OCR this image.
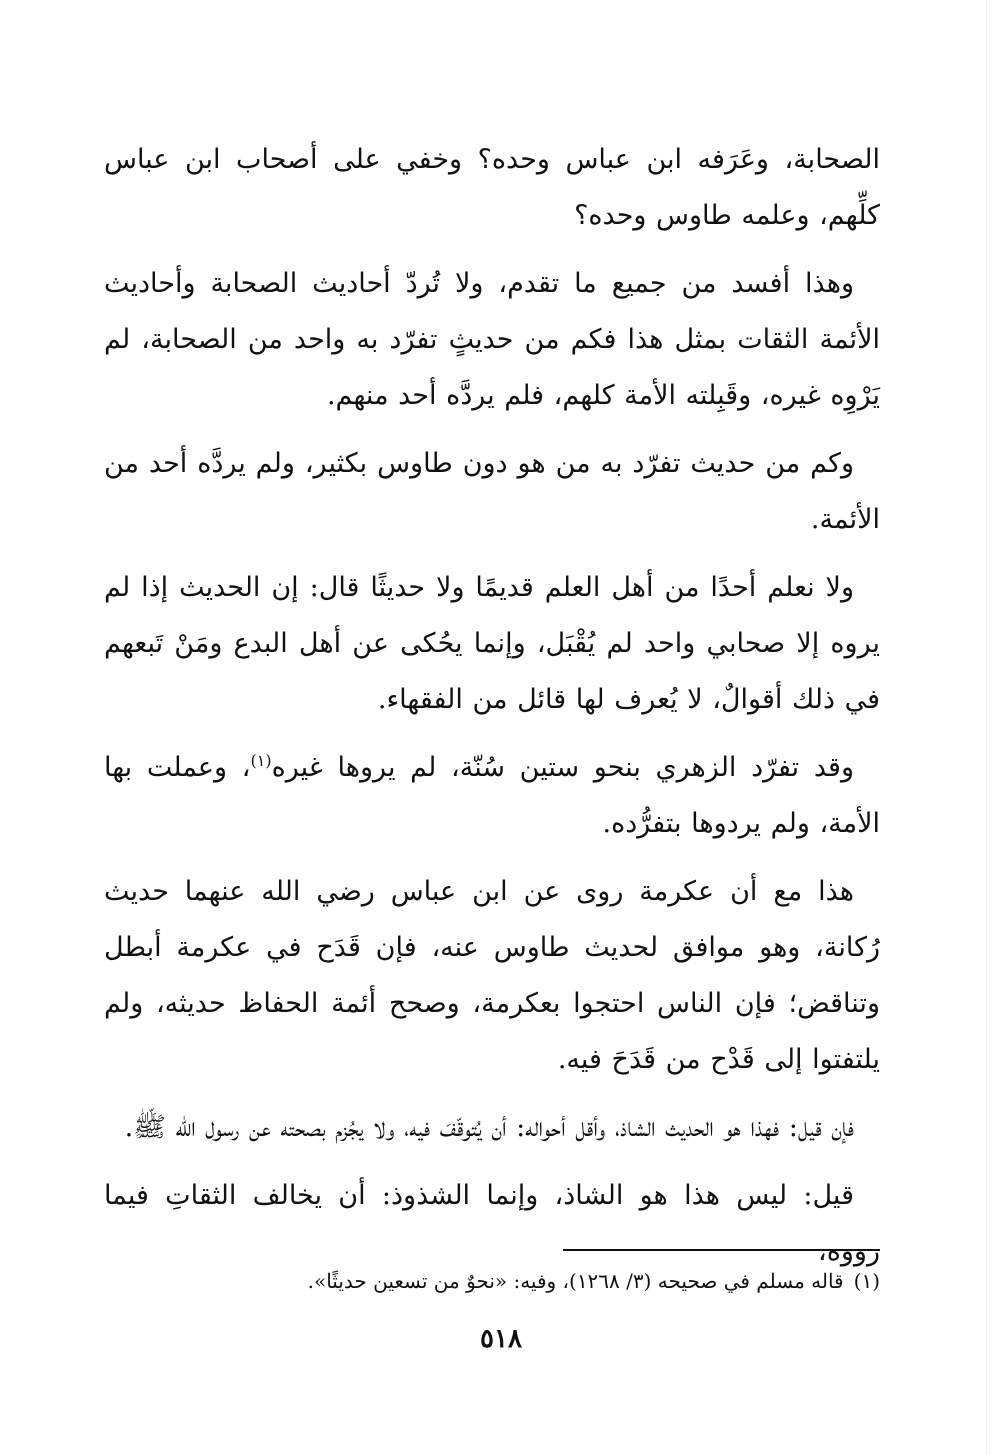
الصحابة، وعَرَفه ابن عباس وحده؟ وخفي على أصحاب ابن عباس كلِّهم، وعلمه طاوس وحده؟

وهذا أفسد من جميع ما تقدم، ولا تُردّ أحاديث الصحابة وأحاديث الأئمة الثقات بمثل هذا فكم من حديثٍ تفرّد به واحد من الصحابة، لم يَرْوِه غيره، وقَبِلته الأمة كلهم، فلم يردَّه أحد منهم.

وكم من حديث تفرّد به من هو دون طاوس بكثير، ولم يردَّه أحد من الأئمة.

ولا نعلم أحدًا من أهل العلم قديمًا ولا حديثًا قال: إن الحديث إذا لم يروه إلا صحابي واحد لم يُقْبَل، وإنما يحُكى عن أهل البدع ومَنْ تَبعهم في ذلك أقوالٌ، لا يُعرف لها قائل من الفقهاء.

وقد تفرّد الزهري بنحو ستين سُنّة، لم يروها غيره$^{(١)}$، وعملت بها الأمة، ولم يردوها بتفرُّده.

هذا مع أن عكرمة روى عن ابن عباس رضي الله عنهما حديث رُكانة، وهو موافق لحديث طاوس عنه، فإن قَدَح في عكرمة أبطل وتناقض؛ فإن الناس احتجوا بعكرمة، وصحح أئمة الحفاظ حديثه، ولم يلتفتوا إلى قَدْح من قَدَحَ فيه.

فإن قيل: فهذا هو الحديث الشاذ، وأقل أحواله: أن يُتوقّفَ فيه، ولا يجُزم بصحته عن رسول الله ﷺ.

قيل: ليس هذا هو الشاذ، وإنما الشذوذ: أن يخالف الثقاتِ فيما رووه،

(١)قاله مسلم في صحيحه (٣/ ١٢٦٨)، وفيه: «نحوٌ من تسعين حديثًا».
٥١٨
